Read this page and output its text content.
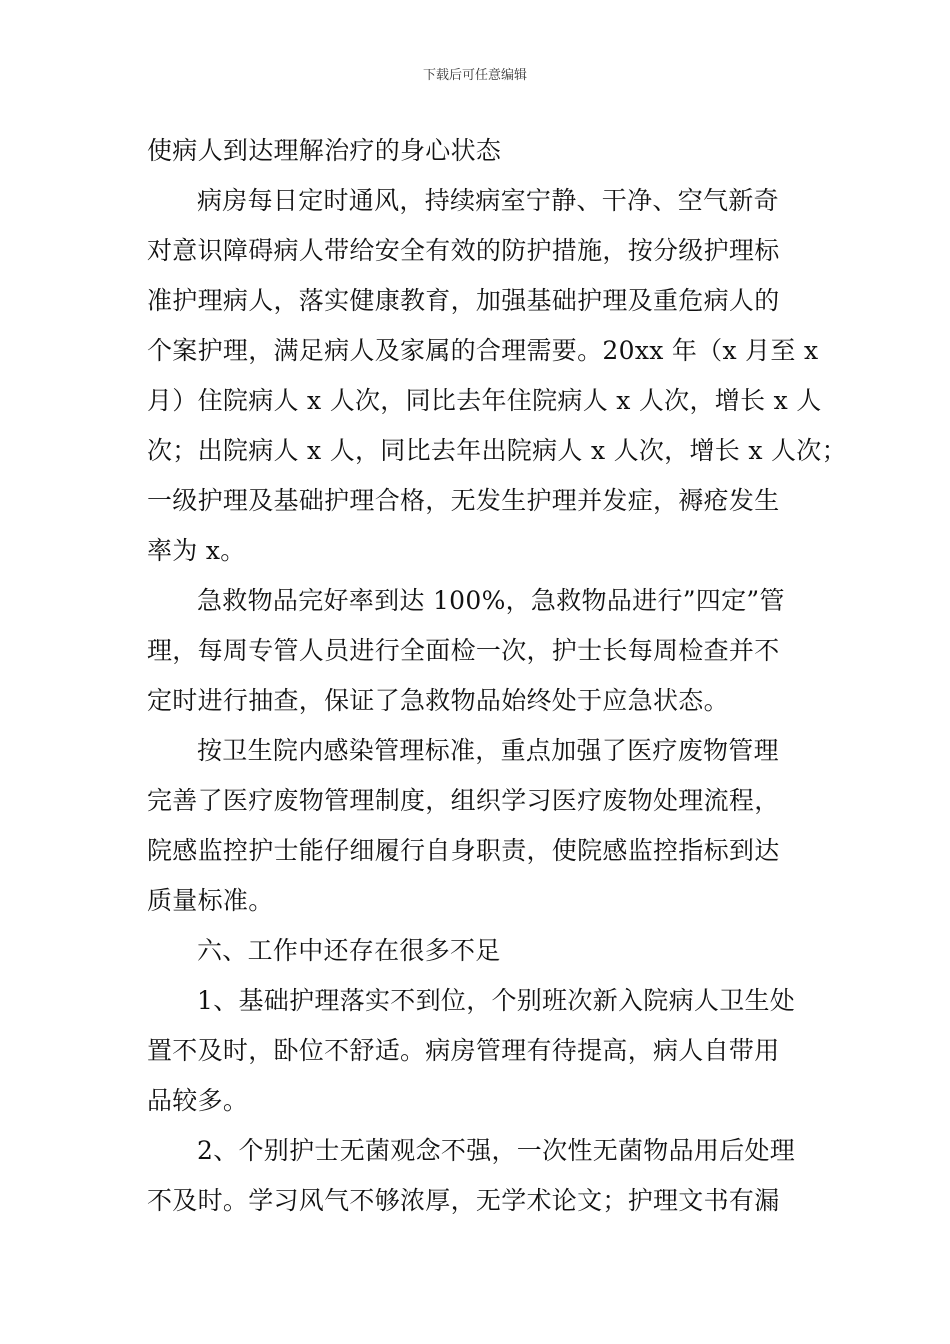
下载后可任意编辑
使病人到达理解治疗的身心状态
病房每日定时通风，持续病室宁静、干净、空气新奇
对意识障碍病人带给安全有效的防护措施，按分级护理标
准护理病人，落实健康教育，加强基础护理及重危病人的
个案护理，满足病人及家属的合理需要。20xx 年（x 月至 x
月）住院病人 x 人次，同比去年住院病人 x 人次，增长 x 人
次；出院病人 x 人，同比去年出院病人 x 人次，增长 x 人次；
一级护理及基础护理合格，无发生护理并发症，褥疮发生
率为 x。
急救物品完好率到达 100%，急救物品进行”四定”管
理，每周专管人员进行全面检一次，护士长每周检查并不
定时进行抽查，保证了急救物品始终处于应急状态。
按卫生院内感染管理标准，重点加强了医疗废物管理
完善了医疗废物管理制度，组织学习医疗废物处理流程，
院感监控护士能仔细履行自身职责，使院感监控指标到达
质量标准。
六、工作中还存在很多不足
1、基础护理落实不到位，个别班次新入院病人卫生处
置不及时，卧位不舒适。病房管理有待提高，病人自带用
品较多。
2、个别护士无菌观念不强，一次性无菌物品用后处理
不及时。学习风气不够浓厚，无学术论文；护理文书有漏
